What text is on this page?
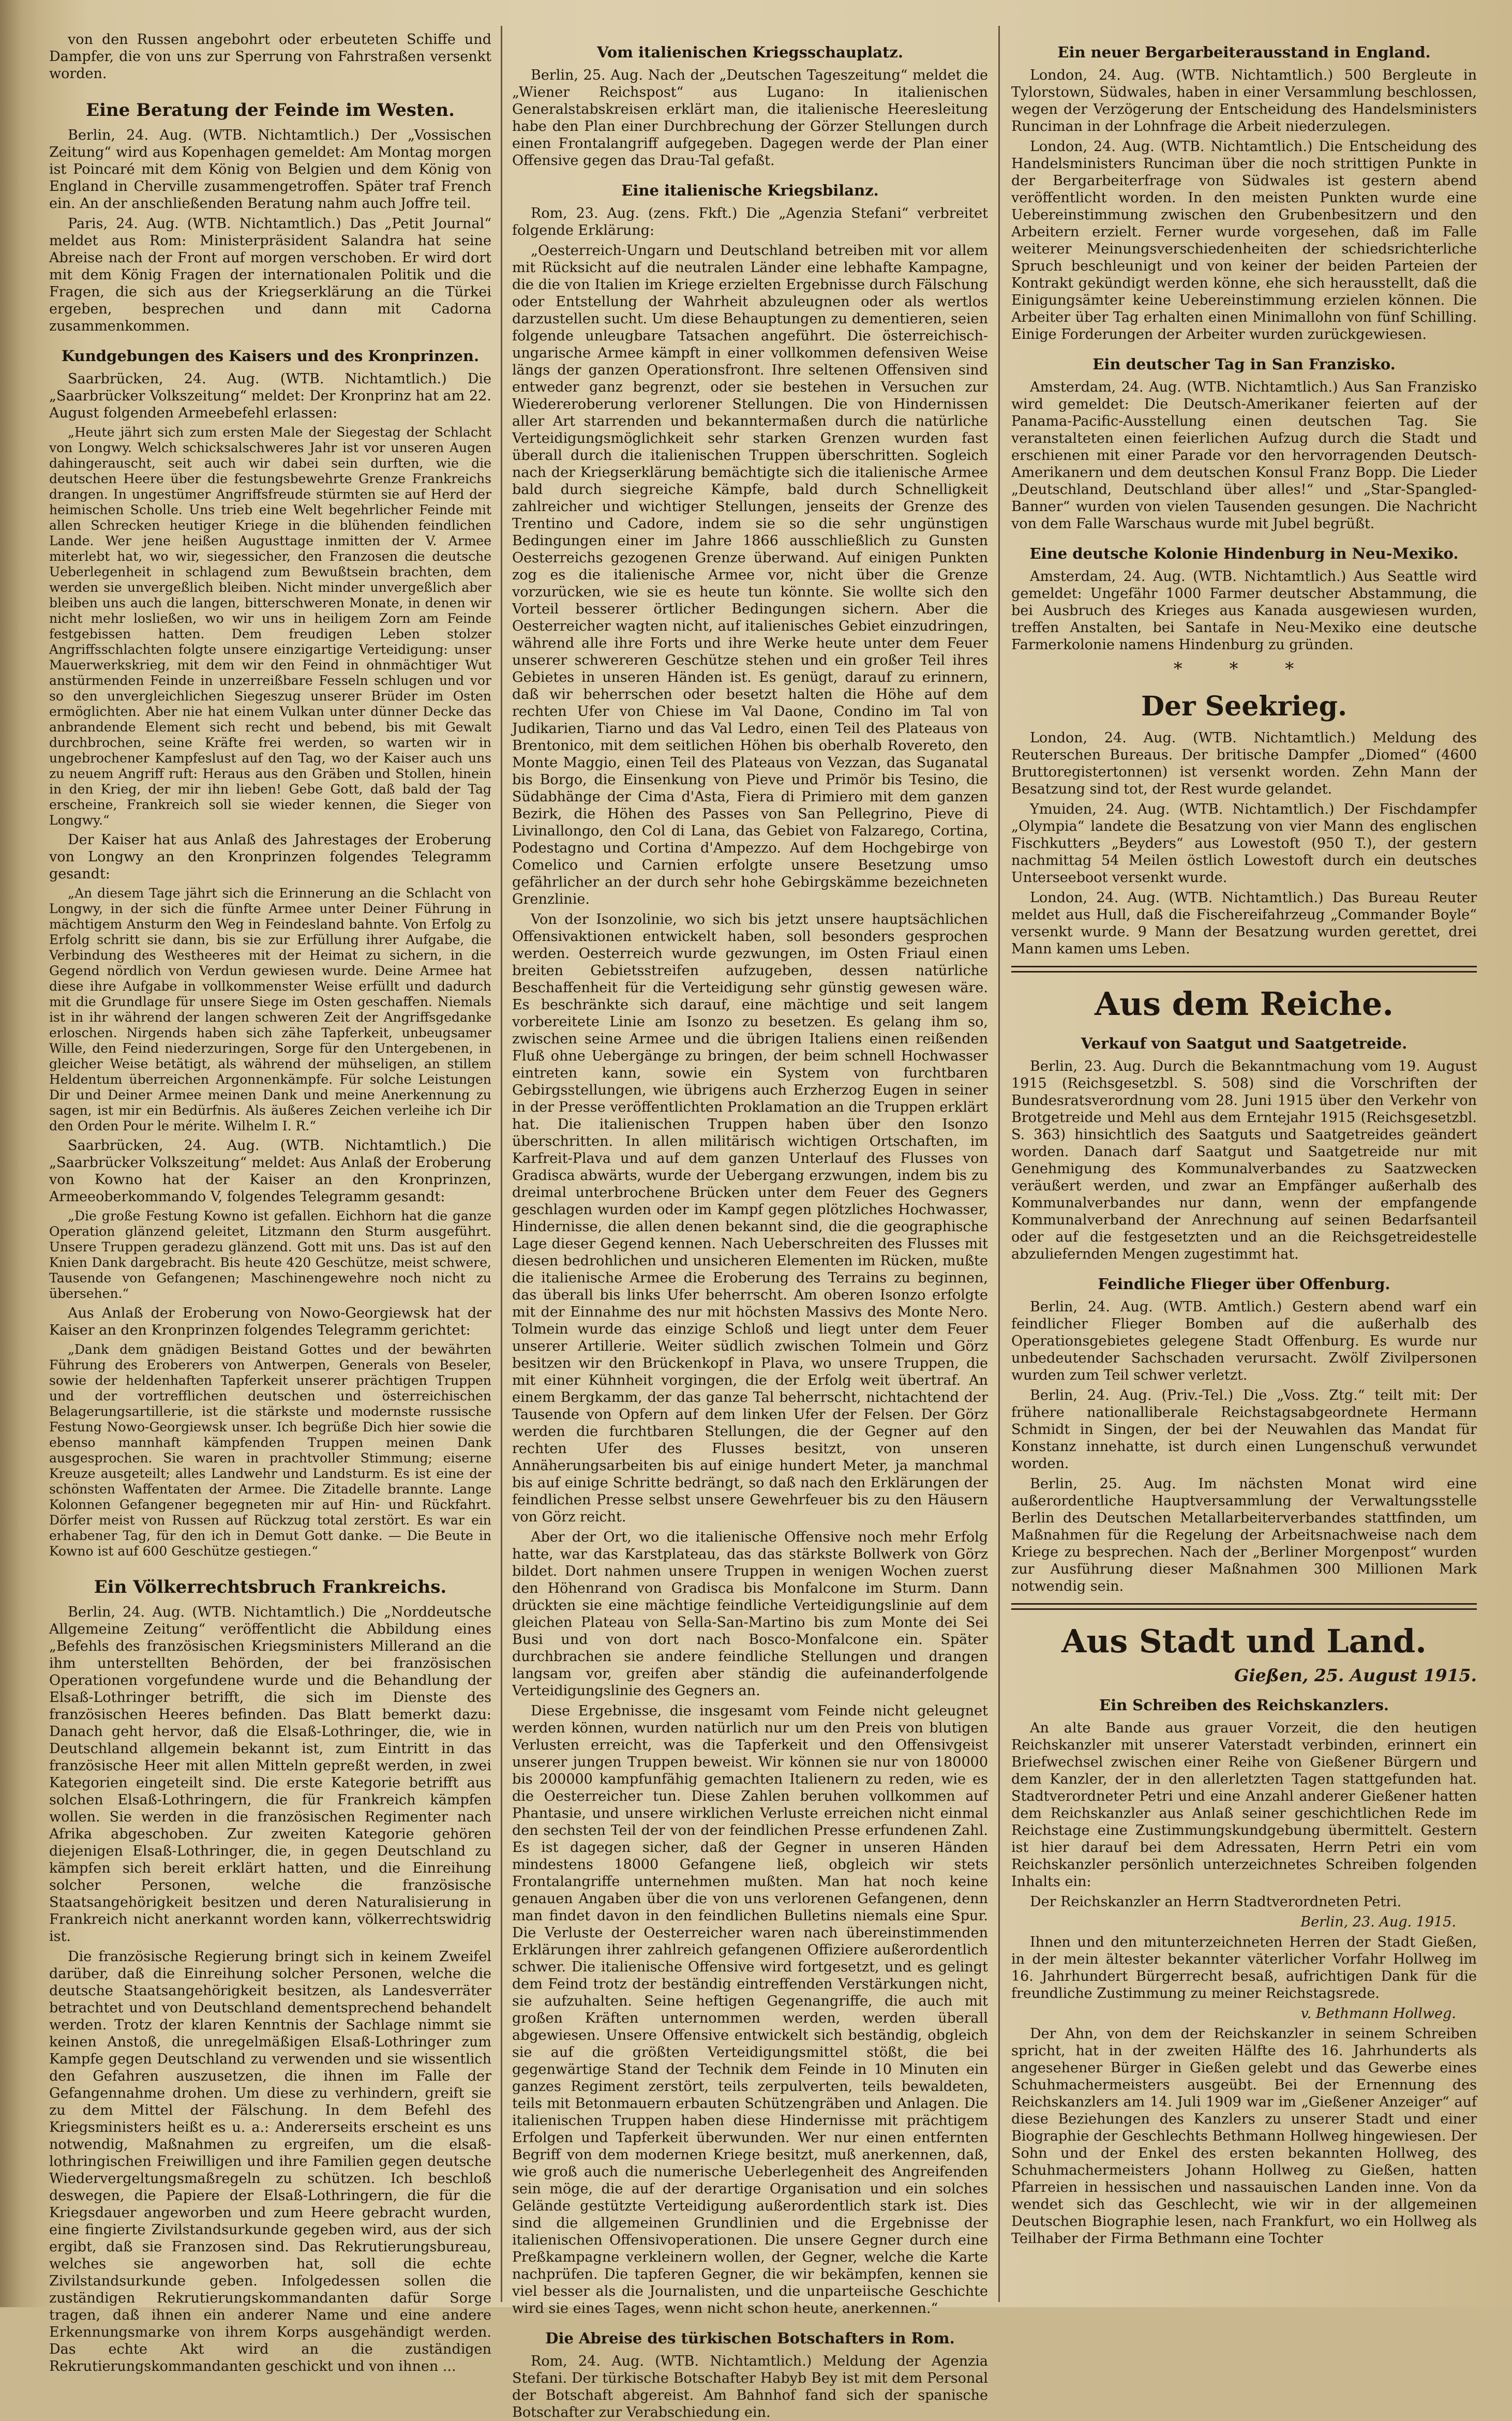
von den Russen angebohrt oder erbeuteten Schiffe und Dampfer, die von uns zur Sperrung von Fahrstraßen versenkt worden.

Eine Beratung der Feinde im Westen.

Berlin, 24. Aug. (WTB. Nichtamtlich.) Der „Vossischen Zeitung“ wird aus Kopenhagen gemeldet: Am Montag morgen ist Poincaré mit dem König von Belgien und dem König von England in Cherville zusammengetroffen. Später traf French ein. An der anschließenden Beratung nahm auch Joffre teil.

Paris, 24. Aug. (WTB. Nichtamtlich.) Das „Petit Journal“ meldet aus Rom: Ministerpräsident Salandra hat seine Abreise nach der Front auf morgen verschoben. Er wird dort mit dem König Fragen der internationalen Politik und die Fragen, die sich aus der Kriegserklärung an die Türkei ergeben, besprechen und dann mit Cadorna zusammenkommen.

Kundgebungen des Kaisers und des Kronprinzen.

Saarbrücken, 24. Aug. (WTB. Nichtamtlich.) Die „Saarbrücker Volkszeitung“ meldet: Der Kronprinz hat am 22. August folgenden Armeebefehl erlassen:

„Heute jährt sich zum ersten Male der Siegestag der Schlacht von Longwy. Welch schicksalschweres Jahr ist vor unseren Augen dahingerauscht, seit auch wir dabei sein durften, wie die deutschen Heere über die festungsbewehrte Grenze Frankreichs drangen. In ungestümer Angriffsfreude stürmten sie auf Herd der heimischen Scholle. Uns trieb eine Welt begehrlicher Feinde mit allen Schrecken heutiger Kriege in die blühenden feindlichen Lande. Wer jene heißen Augusttage inmitten der V. Armee miterlebt hat, wo wir, siegessicher, den Franzosen die deutsche Ueberlegenheit in schlagend zum Bewußtsein brachten, dem werden sie unvergeßlich bleiben. Nicht minder unvergeßlich aber bleiben uns auch die langen, bitterschweren Monate, in denen wir nicht mehr losließen, wo wir uns in heiligem Zorn am Feinde festgebissen hatten. Dem freudigen Leben stolzer Angriffsschlachten folgte unsere einzigartige Verteidigung: unser Mauerwerkskrieg, mit dem wir den Feind in ohnmächtiger Wut anstürmenden Feinde in unzerreißbare Fesseln schlugen und vor so den unvergleichlichen Siegeszug unserer Brüder im Osten ermöglichten. Aber nie hat einem Vulkan unter dünner Decke das anbrandende Element sich recht und bebend, bis mit Gewalt durchbrochen, seine Kräfte frei werden, so warten wir in ungebrochener Kampfeslust auf den Tag, wo der Kaiser auch uns zu neuem Angriff ruft: Heraus aus den Gräben und Stollen, hinein in den Krieg, der mir ihn lieben! Gebe Gott, daß bald der Tag erscheine, Frankreich soll sie wieder kennen, die Sieger von Longwy.“

Der Kaiser hat aus Anlaß des Jahrestages der Eroberung von Longwy an den Kronprinzen folgendes Telegramm gesandt:

„An diesem Tage jährt sich die Erinnerung an die Schlacht von Longwy, in der sich die fünfte Armee unter Deiner Führung in mächtigem Ansturm den Weg in Feindesland bahnte. Von Erfolg zu Erfolg schritt sie dann, bis sie zur Erfüllung ihrer Aufgabe, die Verbindung des Westheeres mit der Heimat zu sichern, in die Gegend nördlich von Verdun gewiesen wurde. Deine Armee hat diese ihre Aufgabe in vollkommenster Weise erfüllt und dadurch mit die Grundlage für unsere Siege im Osten geschaffen. Niemals ist in ihr während der langen schweren Zeit der Angriffsgedanke erloschen. Nirgends haben sich zähe Tapferkeit, unbeugsamer Wille, den Feind niederzuringen, Sorge für den Untergebenen, in gleicher Weise betätigt, als während der mühseligen, an stillem Heldentum überreichen Argonnenkämpfe. Für solche Leistungen Dir und Deiner Armee meinen Dank und meine Anerkennung zu sagen, ist mir ein Bedürfnis. Als äußeres Zeichen verleihe ich Dir den Orden Pour le mérite. Wilhelm I. R.“

Saarbrücken, 24. Aug. (WTB. Nichtamtlich.) Die „Saarbrücker Volkszeitung“ meldet: Aus Anlaß der Eroberung von Kowno hat der Kaiser an den Kronprinzen, Armeeoberkommando V, folgendes Telegramm gesandt:

„Die große Festung Kowno ist gefallen. Eichhorn hat die ganze Operation glänzend geleitet, Litzmann den Sturm ausgeführt. Unsere Truppen geradezu glänzend. Gott mit uns. Das ist auf den Knien Dank dargebracht. Bis heute 420 Geschütze, meist schwere, Tausende von Gefangenen; Maschinengewehre noch nicht zu übersehen.“

Aus Anlaß der Eroberung von Nowo-Georgiewsk hat der Kaiser an den Kronprinzen folgendes Telegramm gerichtet:

„Dank dem gnädigen Beistand Gottes und der bewährten Führung des Eroberers von Antwerpen, Generals von Beseler, sowie der heldenhaften Tapferkeit unserer prächtigen Truppen und der vortrefflichen deutschen und österreichischen Belagerungsartillerie, ist die stärkste und modernste russische Festung Nowo-Georgiewsk unser. Ich begrüße Dich hier sowie die ebenso mannhaft kämpfenden Truppen meinen Dank ausgesprochen. Sie waren in prachtvoller Stimmung; eiserne Kreuze ausgeteilt; alles Landwehr und Landsturm. Es ist eine der schönsten Waffentaten der Armee. Die Zitadelle brannte. Lange Kolonnen Gefangener begegneten mir auf Hin- und Rückfahrt. Dörfer meist von Russen auf Rückzug total zerstört. Es war ein erhabener Tag, für den ich in Demut Gott danke. — Die Beute in Kowno ist auf 600 Geschütze gestiegen.“

Ein Völkerrechtsbruch Frankreichs.

Berlin, 24. Aug. (WTB. Nichtamtlich.) Die „Norddeutsche Allgemeine Zeitung“ veröffentlicht die Abbildung eines „Befehls des französischen Kriegsministers Millerand an die ihm unterstellten Behörden, der bei französischen Operationen vorgefundene wurde und die Behandlung der Elsaß-Lothringer betrifft, die sich im Dienste des französischen Heeres befinden. Das Blatt bemerkt dazu: Danach geht hervor, daß die Elsaß-Lothringer, die, wie in Deutschland allgemein bekannt ist, zum Eintritt in das französische Heer mit allen Mitteln gepreßt werden, in zwei Kategorien eingeteilt sind. Die erste Kategorie betrifft aus solchen Elsaß-Lothringern, die für Frankreich kämpfen wollen. Sie werden in die französischen Regimenter nach Afrika abgeschoben. Zur zweiten Kategorie gehören diejenigen Elsaß-Lothringer, die, in gegen Deutschland zu kämpfen sich bereit erklärt hatten, und die Einreihung solcher Personen, welche die französische Staatsangehörigkeit besitzen und deren Naturalisierung in Frankreich nicht anerkannt worden kann, völkerrechtswidrig ist.

Die französische Regierung bringt sich in keinem Zweifel darüber, daß die Einreihung solcher Personen, welche die deutsche Staatsangehörigkeit besitzen, als Landesverräter betrachtet und von Deutschland dementsprechend behandelt werden. Trotz der klaren Kenntnis der Sachlage nimmt sie keinen Anstoß, die unregelmäßigen Elsaß-Lothringer zum Kampfe gegen Deutschland zu verwenden und sie wissentlich den Gefahren auszusetzen, die ihnen im Falle der Gefangennahme drohen. Um diese zu verhindern, greift sie zu dem Mittel der Fälschung. In dem Befehl des Kriegsministers heißt es u. a.: Andererseits erscheint es uns notwendig, Maßnahmen zu ergreifen, um die elsaß-lothringischen Freiwilligen und ihre Familien gegen deutsche Wiedervergeltungsmaßregeln zu schützen. Ich beschloß deswegen, die Papiere der Elsaß-Lothringern, die für die Kriegsdauer angeworben und zum Heere gebracht wurden, eine fingierte Zivilstandsurkunde gegeben wird, aus der sich ergibt, daß sie Franzosen sind. Das Rekrutierungsbureau, welches sie angeworben hat, soll die echte Zivilstandsurkunde geben. Infolgedessen sollen die zuständigen Rekrutierungskommandanten dafür Sorge tragen, daß ihnen ein anderer Name und eine andere Erkennungsmarke von ihrem Korps ausgehändigt werden. Das echte Akt wird an die zuständigen Rekrutierungskommandanten geschickt und von ihnen ...

Vom italienischen Kriegsschauplatz.

Berlin, 25. Aug. Nach der „Deutschen Tageszeitung“ meldet die „Wiener Reichspost“ aus Lugano: In italienischen Generalstabskreisen erklärt man, die italienische Heeresleitung habe den Plan einer Durchbrechung der Görzer Stellungen durch einen Frontalangriff aufgegeben. Dagegen werde der Plan einer Offensive gegen das Drau-Tal gefaßt.

Eine italienische Kriegsbilanz.

Rom, 23. Aug. (zens. Fkft.) Die „Agenzia Stefani“ verbreitet folgende Erklärung:

„Oesterreich-Ungarn und Deutschland betreiben mit vor allem mit Rücksicht auf die neutralen Länder eine lebhafte Kampagne, die die von Italien im Kriege erzielten Ergebnisse durch Fälschung oder Entstellung der Wahrheit abzuleugnen oder als wertlos darzustellen sucht. Um diese Behauptungen zu dementieren, seien folgende unleugbare Tatsachen angeführt. Die österreichisch-ungarische Armee kämpft in einer vollkommen defensiven Weise längs der ganzen Operationsfront. Ihre seltenen Offensiven sind entweder ganz begrenzt, oder sie bestehen in Versuchen zur Wiedereroberung verlorener Stellungen. Die von Hindernissen aller Art starrenden und bekanntermaßen durch die natürliche Verteidigungsmöglichkeit sehr starken Grenzen wurden fast überall durch die italienischen Truppen überschritten. Sogleich nach der Kriegserklärung bemächtigte sich die italienische Armee bald durch siegreiche Kämpfe, bald durch Schnelligkeit zahlreicher und wichtiger Stellungen, jenseits der Grenze des Trentino und Cadore, indem sie so die sehr ungünstigen Bedingungen einer im Jahre 1866 ausschließlich zu Gunsten Oesterreichs gezogenen Grenze überwand. Auf einigen Punkten zog es die italienische Armee vor, nicht über die Grenze vorzurücken, wie sie es heute tun könnte. Sie wollte sich den Vorteil besserer örtlicher Bedingungen sichern. Aber die Oesterreicher wagten nicht, auf italienisches Gebiet einzudringen, während alle ihre Forts und ihre Werke heute unter dem Feuer unserer schwereren Geschütze stehen und ein großer Teil ihres Gebietes in unseren Händen ist. Es genügt, darauf zu erinnern, daß wir beherrschen oder besetzt halten die Höhe auf dem rechten Ufer von Chiese im Val Daone, Condino im Tal von Judikarien, Tiarno und das Val Ledro, einen Teil des Plateaus von Brentonico, mit dem seitlichen Höhen bis oberhalb Rovereto, den Monte Maggio, einen Teil des Plateaus von Vezzan, das Suganatal bis Borgo, die Einsenkung von Pieve und Primör bis Tesino, die Südabhänge der Cima d'Asta, Fiera di Primiero mit dem ganzen Bezirk, die Höhen des Passes von San Pellegrino, Pieve di Livinallongo, den Col di Lana, das Gebiet von Falzarego, Cortina, Podestagno und Cortina d'Ampezzo. Auf dem Hochgebirge von Comelico und Carnien erfolgte unsere Besetzung umso gefährlicher an der durch sehr hohe Gebirgskämme bezeichneten Grenzlinie.

Von der Isonzolinie, wo sich bis jetzt unsere hauptsächlichen Offensivaktionen entwickelt haben, soll besonders gesprochen werden. Oesterreich wurde gezwungen, im Osten Friaul einen breiten Gebietsstreifen aufzugeben, dessen natürliche Beschaffenheit für die Verteidigung sehr günstig gewesen wäre. Es beschränkte sich darauf, eine mächtige und seit langem vorbereitete Linie am Isonzo zu besetzen. Es gelang ihm so, zwischen seine Armee und die übrigen Italiens einen reißenden Fluß ohne Uebergänge zu bringen, der beim schnell Hochwasser eintreten kann, sowie ein System von furchtbaren Gebirgsstellungen, wie übrigens auch Erzherzog Eugen in seiner in der Presse veröffentlichten Proklamation an die Truppen erklärt hat. Die italienischen Truppen haben über den Isonzo überschritten. In allen militärisch wichtigen Ortschaften, im Karfreit-Plava und auf dem ganzen Unterlauf des Flusses von Gradisca abwärts, wurde der Uebergang erzwungen, indem bis zu dreimal unterbrochene Brücken unter dem Feuer des Gegners geschlagen wurden oder im Kampf gegen plötzliches Hochwasser, Hindernisse, die allen denen bekannt sind, die die geographische Lage dieser Gegend kennen. Nach Ueberschreiten des Flusses mit diesen bedrohlichen und unsicheren Elementen im Rücken, mußte die italienische Armee die Eroberung des Terrains zu beginnen, das überall bis links Ufer beherrscht. Am oberen Isonzo erfolgte mit der Einnahme des nur mit höchsten Massivs des Monte Nero. Tolmein wurde das einzige Schloß und liegt unter dem Feuer unserer Artillerie. Weiter südlich zwischen Tolmein und Görz besitzen wir den Brückenkopf in Plava, wo unsere Truppen, die mit einer Kühnheit vorgingen, die der Erfolg weit übertraf. An einem Bergkamm, der das ganze Tal beherrscht, nichtachtend der Tausende von Opfern auf dem linken Ufer der Felsen. Der Görz werden die furchtbaren Stellungen, die der Gegner auf den rechten Ufer des Flusses besitzt, von unseren Annäherungsarbeiten bis auf einige hundert Meter, ja manchmal bis auf einige Schritte bedrängt, so daß nach den Erklärungen der feindlichen Presse selbst unsere Gewehrfeuer bis zu den Häusern von Görz reicht.

Aber der Ort, wo die italienische Offensive noch mehr Erfolg hatte, war das Karstplateau, das das stärkste Bollwerk von Görz bildet. Dort nahmen unsere Truppen in wenigen Wochen zuerst den Höhenrand von Gradisca bis Monfalcone im Sturm. Dann drückten sie eine mächtige feindliche Verteidigungslinie auf dem gleichen Plateau von Sella-San-Martino bis zum Monte dei Sei Busi und von dort nach Bosco-Monfalcone ein. Später durchbrachen sie andere feindliche Stellungen und drangen langsam vor, greifen aber ständig die aufeinanderfolgende Verteidigungslinie des Gegners an.

Diese Ergebnisse, die insgesamt vom Feinde nicht geleugnet werden können, wurden natürlich nur um den Preis von blutigen Verlusten erreicht, was die Tapferkeit und den Offensivgeist unserer jungen Truppen beweist. Wir können sie nur von 180000 bis 200000 kampfunfähig gemachten Italienern zu reden, wie es die Oesterreicher tun. Diese Zahlen beruhen vollkommen auf Phantasie, und unsere wirklichen Verluste erreichen nicht einmal den sechsten Teil der von der feindlichen Presse erfundenen Zahl. Es ist dagegen sicher, daß der Gegner in unseren Händen mindestens 18000 Gefangene ließ, obgleich wir stets Frontalangriffe unternehmen mußten. Man hat noch keine genauen Angaben über die von uns verlorenen Gefangenen, denn man findet davon in den feindlichen Bulletins niemals eine Spur. Die Verluste der Oesterreicher waren nach übereinstimmenden Erklärungen ihrer zahlreich gefangenen Offiziere außerordentlich schwer. Die italienische Offensive wird fortgesetzt, und es gelingt dem Feind trotz der beständig eintreffenden Verstärkungen nicht, sie aufzuhalten. Seine heftigen Gegenangriffe, die auch mit großen Kräften unternommen werden, werden überall abgewiesen. Unsere Offensive entwickelt sich beständig, obgleich sie auf die größten Verteidigungsmittel stößt, die bei gegenwärtige Stand der Technik dem Feinde in 10 Minuten ein ganzes Regiment zerstört, teils zerpulverten, teils bewaldeten, teils mit Betonmauern erbauten Schützengräben und Anlagen. Die italienischen Truppen haben diese Hindernisse mit prächtigem Erfolgen und Tapferkeit überwunden. Wer nur einen entfernten Begriff von dem modernen Kriege besitzt, muß anerkennen, daß, wie groß auch die numerische Ueberlegenheit des Angreifenden sein möge, die auf der derartige Organisation und ein solches Gelände gestützte Verteidigung außerordentlich stark ist. Dies sind die allgemeinen Grundlinien und die Ergebnisse der italienischen Offensivoperationen. Die unsere Gegner durch eine Preßkampagne verkleinern wollen, der Gegner, welche die Karte nachprüfen. Die tapferen Gegner, die wir bekämpfen, kennen sie viel besser als die Journalisten, und die unparteiische Geschichte wird sie eines Tages, wenn nicht schon heute, anerkennen.“

Die Abreise des türkischen Botschafters in Rom.

Rom, 24. Aug. (WTB. Nichtamtlich.) Meldung der Agenzia Stefani. Der türkische Botschafter Habyb Bey ist mit dem Personal der Botschaft abgereist. Am Bahnhof fand sich der spanische Botschafter zur Verabschiedung ein.

Ein neuer Bergarbeiterausstand in England.

London, 24. Aug. (WTB. Nichtamtlich.) 500 Bergleute in Tylorstown, Südwales, haben in einer Versammlung beschlossen, wegen der Verzögerung der Entscheidung des Handelsministers Runciman in der Lohnfrage die Arbeit niederzulegen.

London, 24. Aug. (WTB. Nichtamtlich.) Die Entscheidung des Handelsministers Runciman über die noch strittigen Punkte in der Bergarbeiterfrage von Südwales ist gestern abend veröffentlicht worden. In den meisten Punkten wurde eine Uebereinstimmung zwischen den Grubenbesitzern und den Arbeitern erzielt. Ferner wurde vorgesehen, daß im Falle weiterer Meinungsverschiedenheiten der schiedsrichterliche Spruch beschleunigt und von keiner der beiden Parteien der Kontrakt gekündigt werden könne, ehe sich herausstellt, daß die Einigungsämter keine Uebereinstimmung erzielen können. Die Arbeiter über Tag erhalten einen Minimallohn von fünf Schilling. Einige Forderungen der Arbeiter wurden zurückgewiesen.

Ein deutscher Tag in San Franzisko.

Amsterdam, 24. Aug. (WTB. Nichtamtlich.) Aus San Franzisko wird gemeldet: Die Deutsch-Amerikaner feierten auf der Panama-Pacific-Ausstellung einen deutschen Tag. Sie veranstalteten einen feierlichen Aufzug durch die Stadt und erschienen mit einer Parade vor den hervorragenden Deutsch-Amerikanern und dem deutschen Konsul Franz Bopp. Die Lieder „Deutschland, Deutschland über alles!“ und „Star-Spangled-Banner“ wurden von vielen Tausenden gesungen. Die Nachricht von dem Falle Warschaus wurde mit Jubel begrüßt.

Eine deutsche Kolonie Hindenburg in Neu-Mexiko.

Amsterdam, 24. Aug. (WTB. Nichtamtlich.) Aus Seattle wird gemeldet: Ungefähr 1000 Farmer deutscher Abstammung, die bei Ausbruch des Krieges aus Kanada ausgewiesen wurden, treffen Anstalten, bei Santafe in Neu-Mexiko eine deutsche Farmerkolonie namens Hindenburg zu gründen.

* * *
Der Seekrieg.

London, 24. Aug. (WTB. Nichtamtlich.) Meldung des Reuterschen Bureaus. Der britische Dampfer „Diomed“ (4600 Bruttoregistertonnen) ist versenkt worden. Zehn Mann der Besatzung sind tot, der Rest wurde gelandet.

Ymuiden, 24. Aug. (WTB. Nichtamtlich.) Der Fischdampfer „Olympia“ landete die Besatzung von vier Mann des englischen Fischkutters „Beyders“ aus Lowestoft (950 T.), der gestern nachmittag 54 Meilen östlich Lowestoft durch ein deutsches Unterseeboot versenkt wurde.

London, 24. Aug. (WTB. Nichtamtlich.) Das Bureau Reuter meldet aus Hull, daß die Fischereifahrzeug „Commander Boyle“ versenkt wurde. 9 Mann der Besatzung wurden gerettet, drei Mann kamen ums Leben.

Aus dem Reiche.
Verkauf von Saatgut und Saatgetreide.

Berlin, 23. Aug. Durch die Bekanntmachung vom 19. August 1915 (Reichsgesetzbl. S. 508) sind die Vorschriften der Bundesratsverordnung vom 28. Juni 1915 über den Verkehr von Brotgetreide und Mehl aus dem Erntejahr 1915 (Reichsgesetzbl. S. 363) hinsichtlich des Saatguts und Saatgetreides geändert worden. Danach darf Saatgut und Saatgetreide nur mit Genehmigung des Kommunalverbandes zu Saatzwecken veräußert werden, und zwar an Empfänger außerhalb des Kommunalverbandes nur dann, wenn der empfangende Kommunalverband der Anrechnung auf seinen Bedarfsanteil oder auf die festgesetzten und an die Reichsgetreidestelle abzuliefernden Mengen zugestimmt hat.

Feindliche Flieger über Offenburg.

Berlin, 24. Aug. (WTB. Amtlich.) Gestern abend warf ein feindlicher Flieger Bomben auf die außerhalb des Operationsgebietes gelegene Stadt Offenburg. Es wurde nur unbedeutender Sachschaden verursacht. Zwölf Zivilpersonen wurden zum Teil schwer verletzt.

Berlin, 24. Aug. (Priv.-Tel.) Die „Voss. Ztg.“ teilt mit: Der frühere nationalliberale Reichstagsabgeordnete Hermann Schmidt in Singen, der bei der Neuwahlen das Mandat für Konstanz innehatte, ist durch einen Lungenschuß verwundet worden.

Berlin, 25. Aug. Im nächsten Monat wird eine außerordentliche Hauptversammlung der Verwaltungsstelle Berlin des Deutschen Metallarbeiterverbandes stattfinden, um Maßnahmen für die Regelung der Arbeitsnachweise nach dem Kriege zu besprechen. Nach der „Berliner Morgenpost“ wurden zur Ausführung dieser Maßnahmen 300 Millionen Mark notwendig sein.

Aus Stadt und Land.
Gießen, 25. August 1915.
Ein Schreiben des Reichskanzlers.

An alte Bande aus grauer Vorzeit, die den heutigen Reichskanzler mit unserer Vaterstadt verbinden, erinnert ein Briefwechsel zwischen einer Reihe von Gießener Bürgern und dem Kanzler, der in den allerletzten Tagen stattgefunden hat. Stadtverordneter Petri und eine Anzahl anderer Gießener hatten dem Reichskanzler aus Anlaß seiner geschichtlichen Rede im Reichstage eine Zustimmungskundgebung übermittelt. Gestern ist hier darauf bei dem Adressaten, Herrn Petri ein vom Reichskanzler persönlich unterzeichnetes Schreiben folgenden Inhalts ein:

Der Reichskanzler an Herrn Stadtverordneten Petri.

Berlin, 23. Aug. 1915.

Ihnen und den mitunterzeichneten Herren der Stadt Gießen, in der mein ältester bekannter väterlicher Vorfahr Hollweg im 16. Jahrhundert Bürgerrecht besaß, aufrichtigen Dank für die freundliche Zustimmung zu meiner Reichstagsrede.

v. Bethmann Hollweg.

Der Ahn, von dem der Reichskanzler in seinem Schreiben spricht, hat in der zweiten Hälfte des 16. Jahrhunderts als angesehener Bürger in Gießen gelebt und das Gewerbe eines Schuhmachermeisters ausgeübt. Bei der Ernennung des Reichskanzlers am 14. Juli 1909 war im „Gießener Anzeiger“ auf diese Beziehungen des Kanzlers zu unserer Stadt und einer Biographie der Geschlechts Bethmann Hollweg hingewiesen. Der Sohn und der Enkel des ersten bekannten Hollweg, des Schuhmachermeisters Johann Hollweg zu Gießen, hatten Pfarreien in hessischen und nassauischen Landen inne. Von da wendet sich das Geschlecht, wie wir in der allgemeinen Deutschen Biographie lesen, nach Frankfurt, wo ein Hollweg als Teilhaber der Firma Bethmann eine Tochter
